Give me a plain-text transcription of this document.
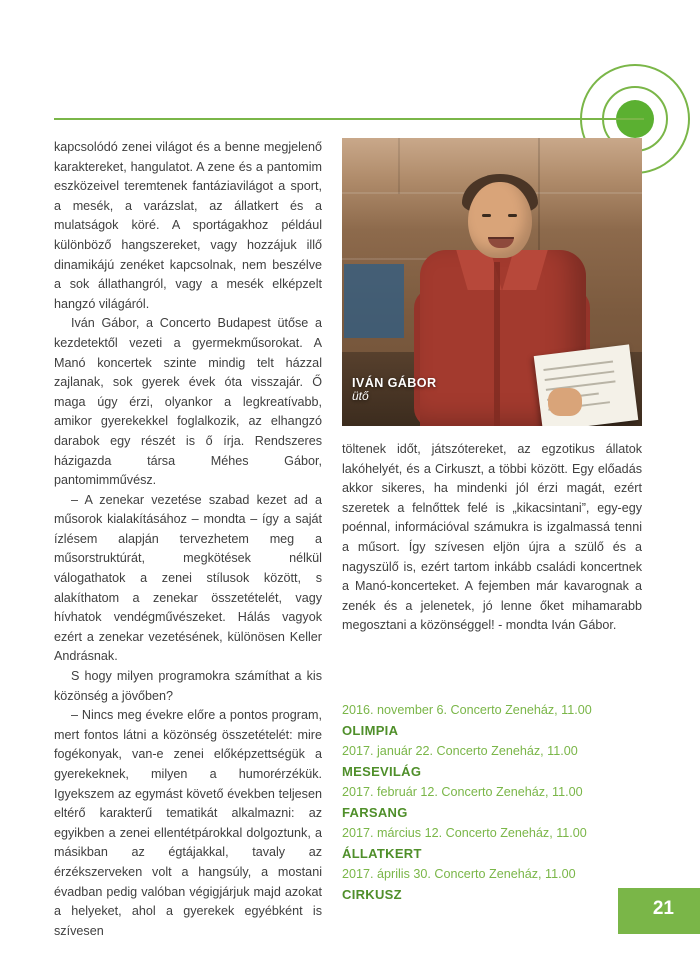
IVÁN GÁBOR
ütő

kapcsolódó zenei világot és a benne megjelenő karaktereket, hangulatot. A zene és a pantomim eszközeivel teremtenek fantáziavilágot a sport, a mesék, a varázslat, az állatkert és a mulatságok köré. A sportágakhoz például különböző hangszereket, vagy hozzájuk illő dinamikájú zenéket kapcsolnak, nem beszélve a sok állathangról, vagy a mesék elképzelt hangzó világáról.

Iván Gábor, a Concerto Budapest ütőse a kezdetektől vezeti a gyermekműsorokat. A Manó koncertek szinte mindig telt házzal zajlanak, sok gyerek évek óta visszajár. Ő maga úgy érzi, olyankor a legkreatívabb, amikor gyerekekkel foglalkozik, az elhangzó darabok egy részét is ő írja. Rendszeres házigazda társa Méhes Gábor, pantomimművész.

– A zenekar vezetése szabad kezet ad a műsorok kialakításához – mondta – így a saját ízlésem alapján tervezhetem meg a műsorstruktúrát, megkötések nélkül válogathatok a zenei stílusok között, s alakíthatom a zenekar összetételét, vagy hívhatok vendégművészeket. Hálás vagyok ezért a zenekar vezetésének, különösen Keller Andrásnak.

S hogy milyen programokra számíthat a kis közönség a jövőben?

– Nincs meg évekre előre a pontos program, mert fontos látni a közönség összetételét: mire fogékonyak, van-e zenei előképzettségük a gyerekeknek, milyen a humorérzékük. Igyekszem az egymást követő években teljesen eltérő karakterű tematikát alkalmazni: az egyikben a zenei ellentétpárokkal dolgoztunk, a másikban az égtájakkal, tavaly az érzékszerveken volt a hangsúly, a mostani évadban pedig valóban végigjárjuk majd azokat a helyeket, ahol a gyerekek egyébként is szívesen

töltenek időt, játszótereket, az egzotikus állatok lakóhelyét, és a Cirkuszt, a többi között. Egy előadás akkor sikeres, ha mindenki jól érzi magát, ezért szeretek a felnőttek felé is „kikacsintani”, egy-egy poénnal, információval számukra is izgalmassá tenni a műsort. Így szívesen eljön újra a szülő és a nagyszülő is, ezért tartom inkább családi koncertnek a Manó-koncerteket. A fejemben már kavarognak a zenék és a jelenetek, jó lenne őket mihamarabb megosztani a közönséggel! - mondta Iván Gábor.

2016. november 6. Concerto Zeneház, 11.00
OLIMPIA
2017. január 22. Concerto Zeneház, 11.00
MESEVILÁG
2017. február 12. Concerto Zeneház, 11.00
FARSANG
2017. március 12. Concerto Zeneház, 11.00
ÁLLATKERT
2017. április 30. Concerto Zeneház, 11.00
CIRKUSZ
21
